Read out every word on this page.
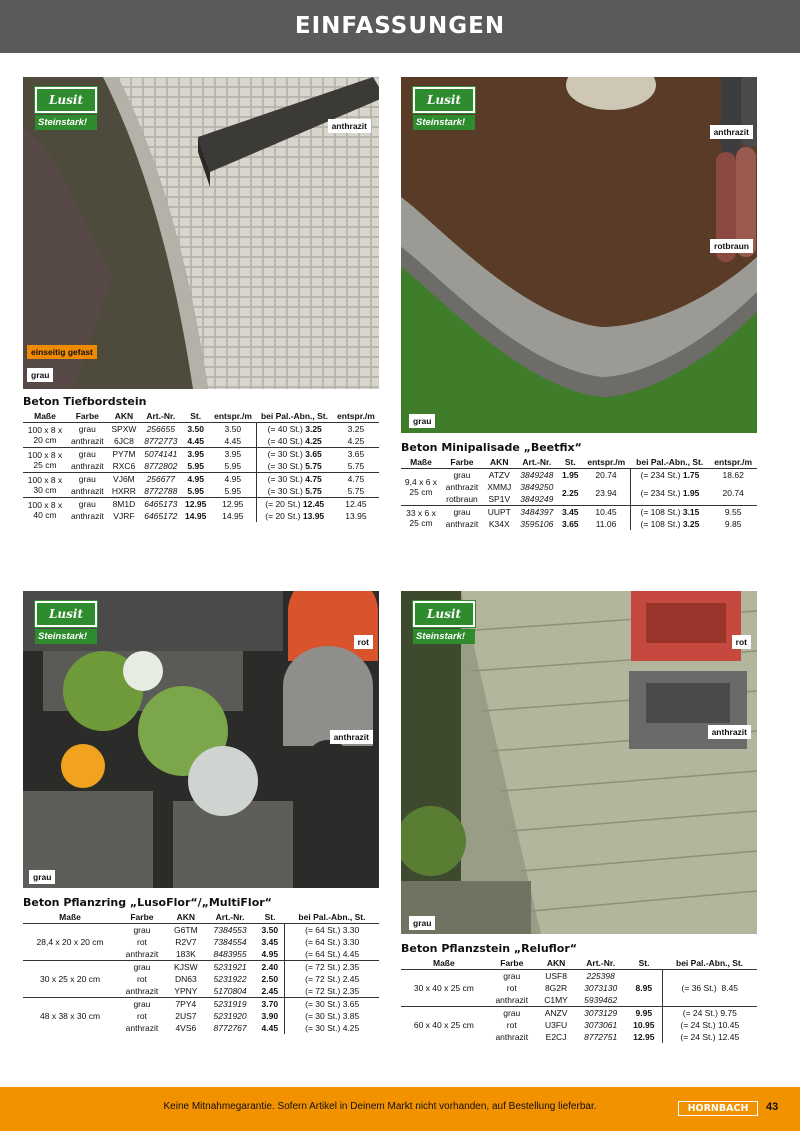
EINFASSUNGEN
Lusit
Steinstark!	anthrazit
einseitig gefast
grau
Beton Tiefbordstein
Maße	Farbe	AKN	Art.-Nr.	St.	entspr./m	bei Pal.-Abn., St.	entspr./m
100 x 8 x 20 cm	grau	SPXW	256655	3.50	3.50	(= 40 St.) 3.25	3.25
	anthrazit	6JC8	8772773	4.45	4.45	(= 40 St.) 4.25	4.25
100 x 8 x 25 cm	grau	PY7M	5074141	3.95	3.95	(= 30 St.) 3.65	3.65
	anthrazit	RXC6	8772802	5.95	5.95	(= 30 St.) 5.75	5.75
100 x 8 x 30 cm	grau	VJ6M	256677	4.95	4.95	(= 30 St.) 4.75	4.75
	anthrazit	HXRR	8772788	5.95	5.95	(= 30 St.) 5.75	5.75
100 x 8 x 40 cm	grau	8M1D	6465173	12.95	12.95	(= 20 St.) 12.45	12.45
	anthrazit	VJRF	6465172	14.95	14.95	(= 20 St.) 13.95	13.95
Lusit
Steinstark!
anthrazit
rotbraun
grau
Beton Minipalisade „Beetfix“
Maße	Farbe	AKN	Art.-Nr.	St.	entspr./m	bei Pal.-Abn., St.	entspr./m
9,4 x 6 x 25 cm	grau	ATZV	3849248	1.95	20.74	(= 234 St.) 1.75	18.62
	anthrazit	XMMJ	3849250	2.25	23.94	(= 234 St.) 1.95	20.74
	rotbraun	SP1V	3849249				
33 x 6 x 25 cm	grau	UUPT	3484397	3.45	10.45	(= 108 St.) 3.15	9.55
	anthrazit	K34X	3595106	3.65	11.06	(= 108 St.) 3.25	9.85
Lusit
Steinstark!	rot
anthrazit
grau
Beton Pflanzring „LusoFlor“/„MultiFlor“
Maße	Farbe	AKN	Art.-Nr.	St.	bei Pal.-Abn., St.
	grau	G6TM	7384553	3.50	(= 64 St.) 3.30
28,4 x 20 x 20 cm	rot	R2V7	7384554	3.45	(= 64 St.) 3.30
	anthrazit	183K	8483955	4.95	(= 64 St.) 4.45
	grau	KJSW	5231921	2.40	(= 72 St.) 2.35
30 x 25 x 20 cm	rot	DN63	5231922	2.50	(= 72 St.) 2.45
	anthrazit	YPNY	5170804	2.45	(= 72 St.) 2.35
	grau	7PY4	5231919	3.70	(= 30 St.) 3.65
48 x 38 x 30 cm	rot	2US7	5231920	3.90	(= 30 St.) 3.85
	anthrazit	4VS6	8772767	4.45	(= 30 St.) 4.25
Lusit
Steinstark!	rot
anthrazit
grau
Beton Pflanzstein „Reluflor“
Maße	Farbe	AKN	Art.-Nr.	St.	bei Pal.-Abn., St.
30 x 40 x 25 cm	grau	USF8	225398	8.95	(= 36 St.) 8.45
	rot	8G2R	3073130		
	anthrazit	C1MY	5939462		
60 x 40 x 25 cm	grau	ANZV	3073129	9.95	(= 24 St.) 9.75
	rot	U3FU	3073061	10.95	(= 24 St.) 10.45
	anthrazit	E2CJ	8772751	12.95	(= 24 St.) 12.45
Keine Mitnahmegarantie. Sofern Artikel in Deinem Markt nicht vorhanden, auf Bestellung lieferbar.	HORNBACH	43
